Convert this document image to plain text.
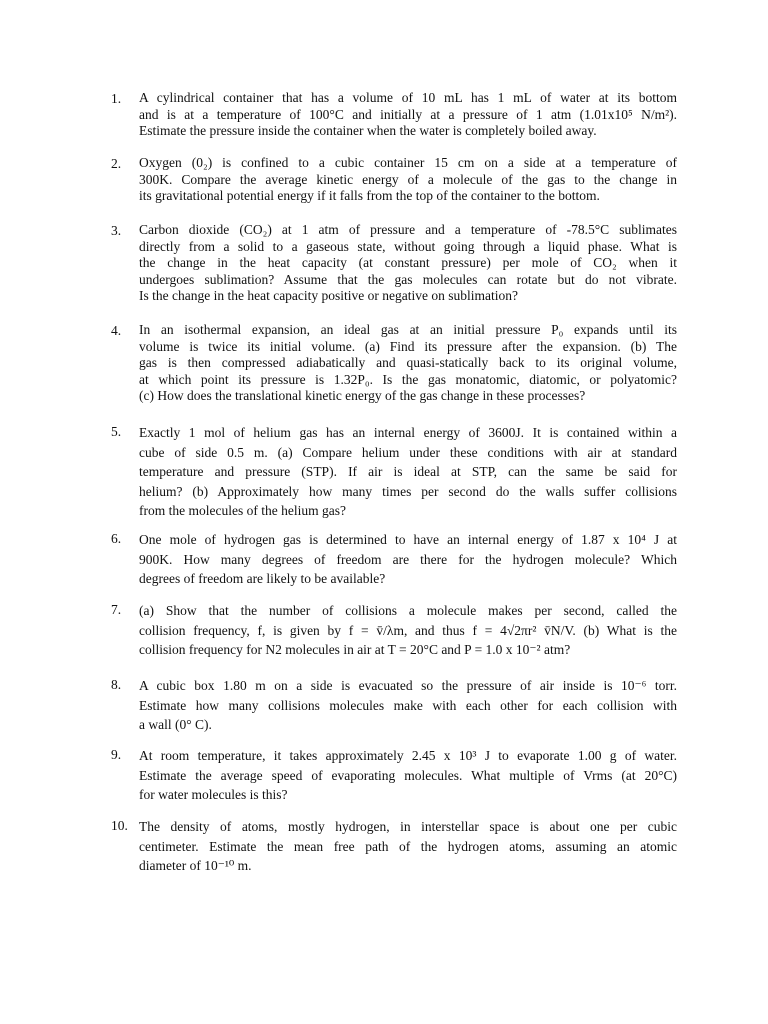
1.	A cylindrical container that has a volume of 10 mL has 1 mL of water at its bottom
and is at a temperature of 100°C and initially at a pressure of 1 atm (1.01x10⁵ N/m²).
Estimate the pressure inside the container when the water is completely boiled away.
2.	Oxygen (0₂) is confined to a cubic container 15 cm on a side at a temperature of
300K. Compare the average kinetic energy of a molecule of the gas to the change in
its gravitational potential energy if it falls from the top of the container to the bottom.
3.	Carbon dioxide (CO₂) at 1 atm of pressure and a temperature of -78.5°C sublimates
directly from a solid to a gaseous state, without going through a liquid phase. What is
the change in the heat capacity (at constant pressure) per mole of CO₂ when it
undergoes sublimation? Assume that the gas molecules can rotate but do not vibrate.
Is the change in the heat capacity positive or negative on sublimation?
4.	In an isothermal expansion, an ideal gas at an initial pressure P₀ expands until its
volume is twice its initial volume. (a) Find its pressure after the expansion. (b) The
gas is then compressed adiabatically and quasi-statically back to its original volume,
at which point its pressure is 1.32P₀. Is the gas monatomic, diatomic, or polyatomic?
(c) How does the translational kinetic energy of the gas change in these processes?
5.	Exactly 1 mol of helium gas has an internal energy of 3600J. It is contained within a
cube of side 0.5 m. (a) Compare helium under these conditions with air at standard
temperature and pressure (STP). If air is ideal at STP, can the same be said for
helium? (b) Approximately how many times per second do the walls suffer collisions
from the molecules of the helium gas?
6.	One mole of hydrogen gas is determined to have an internal energy of 1.87 x 10⁴ J at
900K. How many degrees of freedom are there for the hydrogen molecule? Which
degrees of freedom are likely to be available?
7.	(a) Show that the number of collisions a molecule makes per second, called the
collision frequency, f, is given by f = v̄/λm, and thus f = 4√2πr² v̄N/V. (b) What is the
collision frequency for N2 molecules in air at T = 20°C and P = 1.0 x 10⁻² atm?
8.	A cubic box 1.80 m on a side is evacuated so the pressure of air inside is 10⁻⁶ torr.
Estimate how many collisions molecules make with each other for each collision with
a wall (0° C).
9.	At room temperature, it takes approximately 2.45 x 10³ J to evaporate 1.00 g of water.
Estimate the average speed of evaporating molecules. What multiple of Vrms (at 20°C)
for water molecules is this?
10. The density of atoms, mostly hydrogen, in interstellar space is about one per cubic
centimeter. Estimate the mean free path of the hydrogen atoms, assuming an atomic
diameter of 10⁻¹⁰ m.
